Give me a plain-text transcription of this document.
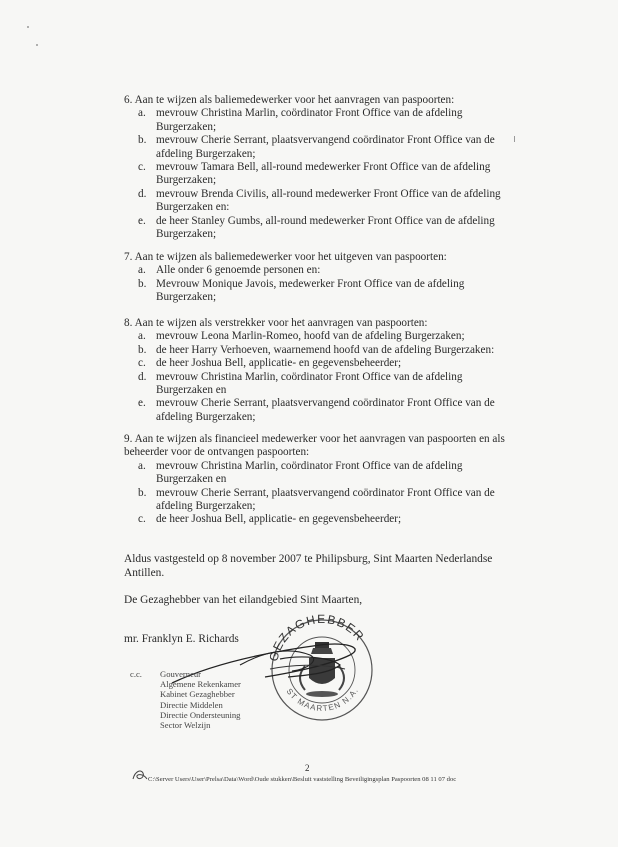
6. Aan te wijzen als baliemedewerker voor het aanvragen van paspoorten:
a. mevrouw Christina Marlin, coördinator Front Office van de afdeling
Burgerzaken;
b. mevrouw Cherie Serrant, plaatsvervangend coördinator Front Office van de
afdeling Burgerzaken;
c. mevrouw Tamara Bell, all-round medewerker Front Office van de afdeling
Burgerzaken;
d. mevrouw Brenda Civilis, all-round medewerker Front Office van de afdeling
Burgerzaken en:
e. de heer Stanley Gumbs, all-round medewerker Front Office van de afdeling
Burgerzaken;
7. Aan te wijzen als baliemedewerker voor het uitgeven van paspoorten:
a. Alle onder 6 genoemde personen en:
b. Mevrouw Monique Javois, medewerker Front Office van de afdeling
Burgerzaken;
8. Aan te wijzen als verstrekker voor het aanvragen van paspoorten:
a. mevrouw Leona Marlin-Romeo, hoofd van de afdeling Burgerzaken;
b. de heer Harry Verhoeven, waarnemend hoofd van de afdeling Burgerzaken:
c. de heer Joshua Bell, applicatie- en gegevensbeheerder;
d. mevrouw Christina Marlin, coördinator Front Office van de afdeling
Burgerzaken en
e. mevrouw Cherie Serrant, plaatsvervangend coördinator Front Office van de
afdeling Burgerzaken;
9. Aan te wijzen als financieel medewerker voor het aanvragen van paspoorten en als
beheerder voor de ontvangen paspoorten:
a. mevrouw Christina Marlin, coördinator Front Office van de afdeling
Burgerzaken en
b. mevrouw Cherie Serrant, plaatsvervangend coördinator Front Office van de
afdeling Burgerzaken;
c. de heer Joshua Bell, applicatie- en gegevensbeheerder;
Aldus vastgesteld op 8 november 2007 te Philipsburg, Sint Maarten Nederlandse
Antillen.
De Gezaghebber van het eilandgebied Sint Maarten,
mr. Franklyn E. Richards
GEZAGHEBBER
ST MAARTEN N.A.
c.c. Gouverneur
Algemene Rekenkamer
Kabinet Gezaghebber
Directie Middelen
Directie Ondersteuning
Sector Welzijn
2
C:\Server Users\User\Prelsa\Data\Word\Oude stukken\Besluit vaststelling Beveiligingsplan Paspoorten 08 11 07 doc
